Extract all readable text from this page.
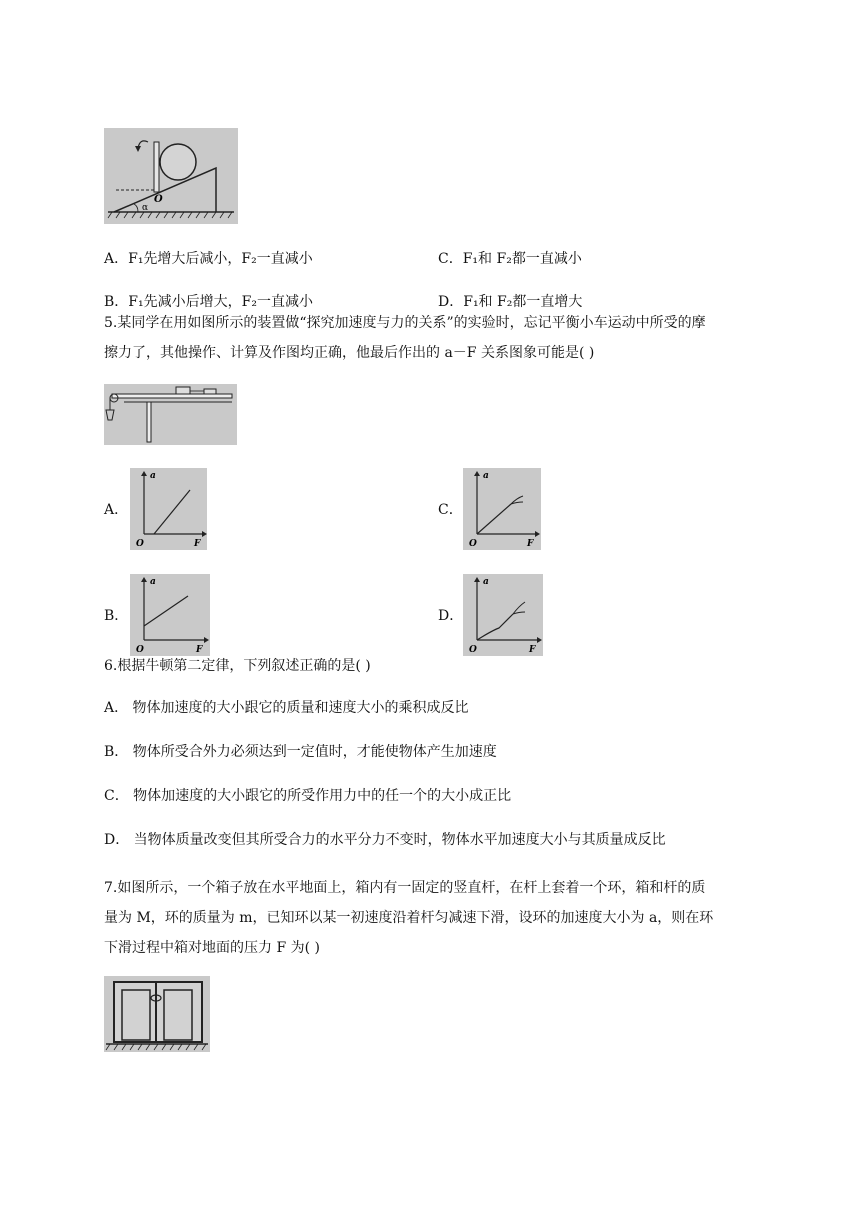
α
O
A．F₁先增大后减小，F₂一直减小	C．F₁和 F₂都一直减小
B．F₁先减小后增大，F₂一直减小	D．F₁和 F₂都一直增大
5.某同学在用如图所示的装置做“探究加速度与力的关系”的实验时，忘记平衡小车运动中所受的摩
擦力了，其他操作、计算及作图均正确，他最后作出的 a－F 关系图象可能是( )
A．	C．
B．	D．
a
O	F
a
O	F
a
O	F
a
O	F
6.根据牛顿第二定律，下列叙述正确的是( )
A． 物体加速度的大小跟它的质量和速度大小的乘积成反比
B． 物体所受合外力必须达到一定值时，才能使物体产生加速度
C． 物体加速度的大小跟它的所受作用力中的任一个的大小成正比
D． 当物体质量改变但其所受合力的水平分力不变时，物体水平加速度大小与其质量成反比
7.如图所示，一个箱子放在水平地面上，箱内有一固定的竖直杆，在杆上套着一个环，箱和杆的质
量为 M，环的质量为 m，已知环以某一初速度沿着杆匀减速下滑，设环的加速度大小为 a，则在环
下滑过程中箱对地面的压力 F 为( )
